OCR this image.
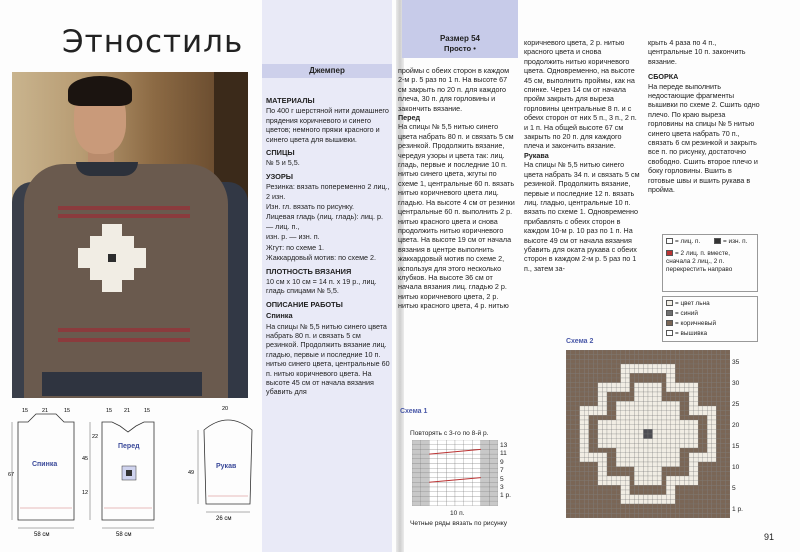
Этностиль
Джемпер

МАТЕРИАЛЫ

По 400 г шерстяной нити домашнего прядения коричневого и синего цветов; немного пряжи красного и синего цвета для вышивки.

СПИЦЫ

№ 5 и 5,5.

УЗОРЫ

Резинка: вязать попеременно 2 лиц., 2 изн.

Изн. гл. вязать по рисунку.

Лицевая гладь (лиц. гладь): лиц. р. — лиц. п.,

изн. р. — изн. п.

Жгут: по схеме 1.

Жаккардовый мотив: по схеме 2.

ПЛОТНОСТЬ ВЯЗАНИЯ

10 см x 10 см = 14 п. x 19 р., лиц. гладь спицами № 5,5.

ОПИСАНИЕ РАБОТЫ

Спинка

На спицы № 5,5 нитью синего цвета набрать 80 п. и связать 5 см резинкой. Продолжить вязание лиц. гладью, первые и последние 10 п. нитью синего цвета, центральные 60 п. нитью коричневого цвета. На высоте 45 см от начала вязания убавить для

Спинка
Перед
Рукав
15	21	15	15 21	15	20
58 см	58 см
26 см
67
45
12
22
49
Размер 54
Просто •

проймы с обеих сторон в каждом 2-м р. 5 раз по 1 п. На высоте 67 см закрыть по 20 п. для каждого плеча, 30 п. для горловины и закончить вязание.

Перед

На спицы № 5,5 нитью синего цвета набрать 80 п. и связать 5 см резинкой. Продолжить вязание, чередуя узоры и цвета так: лиц. гладь, первые и последние 10 п. нитью синего цвета, жгуты по схеме 1, центральные 60 п. вязать нитью коричневого цвета лиц. гладью. На высоте 4 см от резинки центральные 60 п. выполнить 2 р. нитью красного цвета и снова продолжить нитью коричневого цвета. На высоте 19 см от начала вязания в центре выполнить жаккардовый мотив по схеме 2, используя для этого несколько клубков. На высоте 36 см от начала вязания лиц. гладью 2 р. нитью коричневого цвета, 2 р. нитью красного цвета, 4 р. нитью

коричневого цвета, 2 р. нитью красного цвета и снова продолжить нитью коричневого цвета. Одновременно, на высоте 45 см, выполнить проймы, как на спинке. Через 14 см от начала пройм закрыть для выреза горловины центральные 8 п. и с обеих сторон от них 5 п., 3 п., 2 п. и 1 п. На общей высоте 67 см закрыть по 20 п. для каждого плеча и закончить вязание.

Рукава

На спицы № 5,5 нитью синего цвета набрать 34 п. и связать 5 см резинкой. Продолжить вязание, первые и последние 12 п. вязать лиц. гладью, центральные 10 п. вязать по схеме 1. Одновременно прибавлять с обеих сторон в каждом 10-м р. 10 раз по 1 п. На высоте 49 см от начала вязания убавить для оката рукава с обеих сторон в каждом 2-м р. 5 раз по 1 п., затем за-

крыть 4 раза по 4 п., центральные 10 п. закончить вязание.

СБОРКА

На переде выполнить недостающие фрагменты вышивки по схеме 2. Сшить одно плечо. По краю выреза горловины на спицы № 5 нитью синего цвета набрать 70 п., связать 6 см резинкой и закрыть все п. по рисунку, достаточно свободно. Сшить второе плечо и боку горловины. Вшить в готовые швы и вшить рукава в пройма.

= лиц. п.	= изн. п.
= 2 лиц. п. вместе, сначала 2 лиц., 2 п. перекрестить направо
= цвет льна
= синий
= коричневый
= вышивка
Схема 1
Повторять с 3-го по 8-й р.
13
11
9
7
5
3
1 р.
10 п.
Четные ряды вязать по рисунку
Схема 2
35
30
25
20
15
10
5
1 р.
91
